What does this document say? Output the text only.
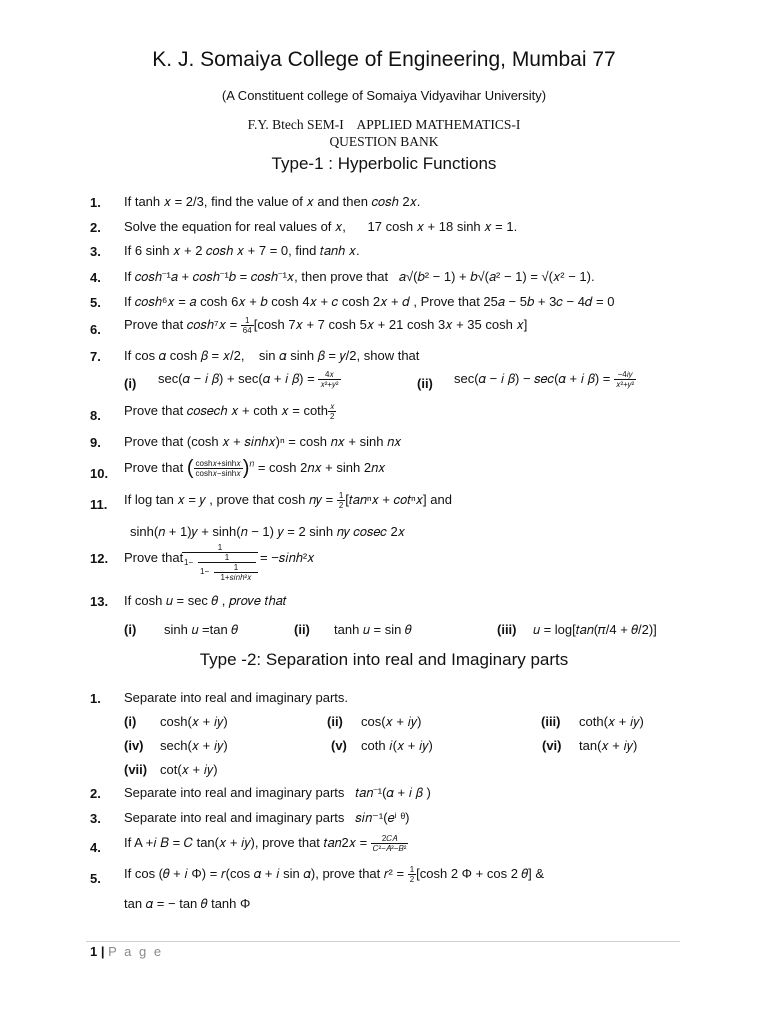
K. J. Somaiya College of Engineering, Mumbai 77
(A Constituent college of Somaiya Vidyavihar University)
F.Y. Btech SEM-I    APPLIED MATHEMATICS-I
QUESTION BANK
Type-1 : Hyperbolic Functions
1. If tanh 𝑥 = 2/3, find the value of 𝑥 and then 𝑐𝑜𝑠ℎ 2𝑥.
2. Solve the equation for real values of 𝑥,      17 cosh 𝑥 + 18 sinh 𝑥 = 1.
3. If 6 sinh 𝑥 + 2 𝑐𝑜𝑠ℎ 𝑥 + 7 = 0, find 𝑡𝑎𝑛ℎ 𝑥.
4. If 𝑐𝑜𝑠ℎ⁻¹𝑎 + 𝑐𝑜𝑠ℎ⁻¹𝑏 = 𝑐𝑜𝑠ℎ⁻¹𝑥, then prove that   𝑎√(𝑏² − 1) + 𝑏√(𝑎² − 1) = √(𝑥² − 1).
5. If 𝑐𝑜𝑠ℎ⁶𝑥 = 𝑎 cosh 6𝑥 + 𝑏 cosh 4𝑥 + 𝑐 cosh 2𝑥 + 𝑑 , Prove that 25𝑎 − 5𝑏 + 3𝑐 − 4𝑑 = 0
6. Prove that 𝑐𝑜𝑠ℎ⁷𝑥 = $\frac{1}{64} [\cosh$ 7𝑥 + 7 cosh 5𝑥 + 21 cosh 3𝑥 + 35 cosh 𝑥]
7. If cos 𝛼 cosh 𝛽 = 𝑥/2,    sin 𝛼 sinh 𝛽 = 𝑦/2, show that
(i) sec(𝛼 − 𝑖 𝛽) + sec(𝛼 + 𝑖 𝛽) = $\frac{\text{4𝑥}}{\text{𝑥²+𝑦²}}$	(ii) sec(𝛼 − 𝑖 𝛽) − 𝑠𝑒𝑐(𝛼 + 𝑖 𝛽) = $\frac{\text{−4𝑖𝑦}}{\text{𝑥²+𝑦²}}$
8. Prove that 𝑐𝑜𝑠𝑒𝑐ℎ 𝑥 + coth 𝑥 = coth $\frac{\text{𝑥}}{2}$
9. Prove that (cosh 𝑥 + 𝑠𝑖𝑛ℎ𝑥)ⁿ = cosh 𝑛𝑥 + sinh 𝑛𝑥
10. Prove that ( $\frac{\text{cosh𝑥+sinh𝑥}}{\text{cosh𝑥−sinh𝑥}} )^𝑛 = \cosh$ 2𝑛𝑥 + sinh 2𝑛𝑥
11. If log tan 𝑥 = 𝑦 , prove that cosh 𝑛𝑦 = $\frac{1}{2}$ [𝑡𝑎𝑛ⁿ𝑥 + 𝑐𝑜𝑡ⁿ𝑥] and
sinh(𝑛 + 1)𝑦 + sinh(𝑛 − 1) 𝑦 = 2 sinh 𝑛𝑦 𝑐𝑜𝑠𝑒𝑐 2𝑥
12. Prove that
1
1−
1
1−	1
1+𝑠𝑖𝑛ℎ²𝑥
= −𝑠𝑖𝑛ℎ²𝑥
13. If cosh 𝑢 = sec 𝜃 , 𝑝𝑟𝑜𝑣𝑒 𝑡ℎ𝑎𝑡
(i) sinh 𝑢 =tan 𝜃	(ii) tanh 𝑢 = sin 𝜃	(iii) 𝑢 = log[𝑡𝑎𝑛(𝜋/4 + 𝜃/2)]
Type -2: Separation into real and Imaginary parts
1. Separate into real and imaginary parts.
(i) cosh(𝑥 + 𝑖𝑦)	(ii) cos(𝑥 + 𝑖𝑦)	(iii) coth(𝑥 + 𝑖𝑦)
(iv) sech(𝑥 + 𝑖𝑦)	(v) coth 𝑖(𝑥 + 𝑖𝑦)	(vi) tan(𝑥 + 𝑖𝑦)
(vii) cot(𝑥 + 𝑖𝑦)
2. Separate into real and imaginary parts   𝑡𝑎𝑛⁻¹(𝛼 + 𝑖 𝛽 )
3. Separate into real and imaginary parts   𝑠𝑖𝑛⁻¹(𝑒ⁱ ᶿ)
4. If A +𝑖 𝐵 = 𝐶 tan(𝑥 + 𝑖𝑦), prove that 𝑡𝑎𝑛2𝑥 = $\frac{\text{2𝐶𝐴}}{\text{𝐶²−𝐴²−𝐵²}}$
5. If cos (𝜃 + 𝑖 Φ) = 𝑟(cos 𝛼 + 𝑖 sin 𝛼), prove that 𝑟² = $\frac{1}{2} [\cosh$ 2 Φ + cos 2 𝜃] &
tan 𝛼 = − tan 𝜃 tanh Φ
1 | P a g e
